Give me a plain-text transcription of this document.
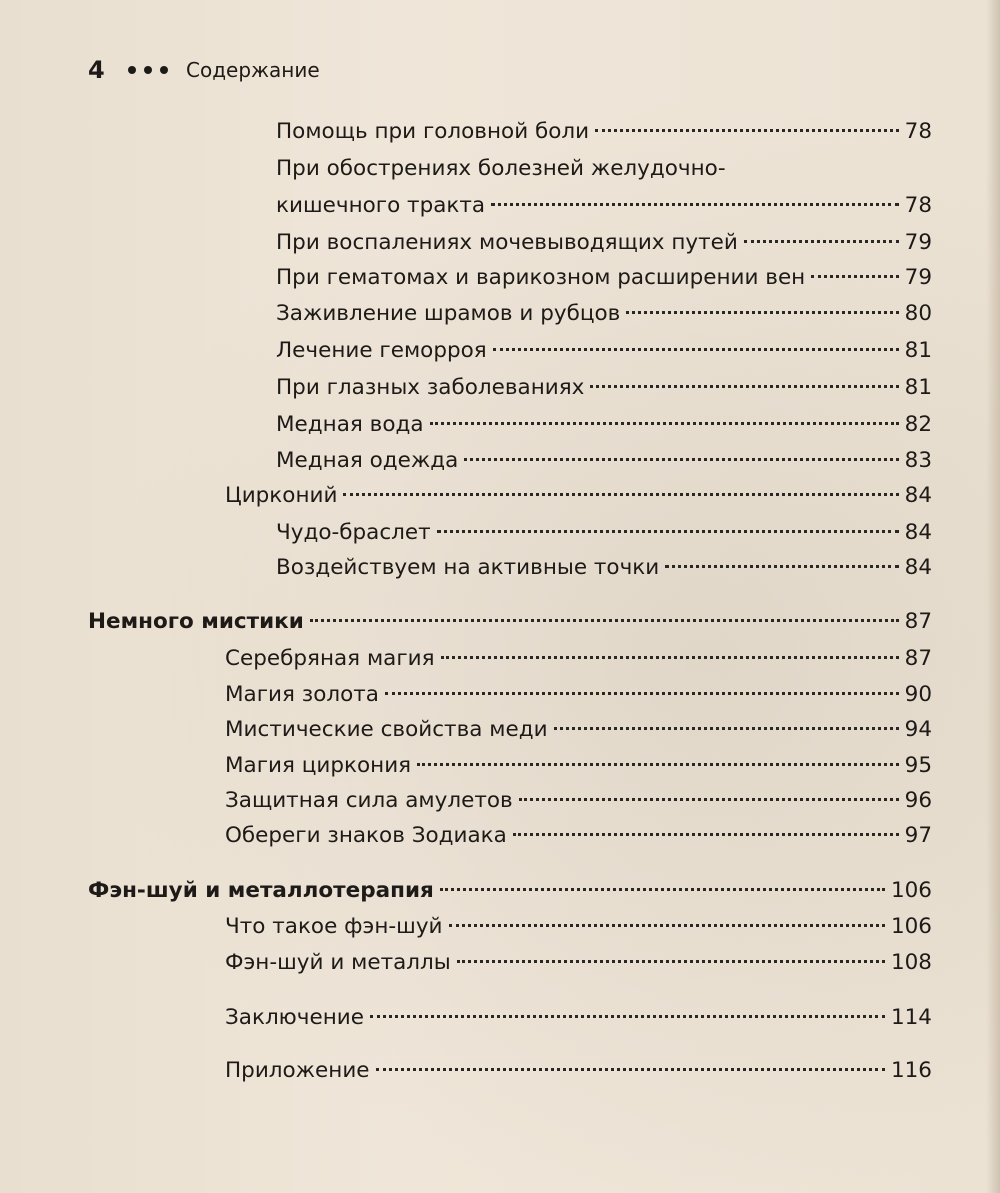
4	Содержание
Помощь при головной боли	78
При обострениях болезней желудочно-
кишечного тракта	78
При воспалениях мочевыводящих путей	79
При гематомах и варикозном расширении вен	79
Заживление шрамов и рубцов	80
Лечение геморроя	81
При глазных заболеваниях	81
Медная вода	82
Медная одежда	83
Цирконий	84
Чудо-браслет	84
Воздействуем на активные точки	84
Немного мистики	87
Серебряная магия	87
Магия золота	90
Мистические свойства меди	94
Магия циркония	95
Защитная сила амулетов	96
Обереги знаков Зодиака	97
Фэн-шуй и металлотерапия	106
Что такое фэн-шуй	106
Фэн-шуй и металлы	108
Заключение	114
Приложение	116
